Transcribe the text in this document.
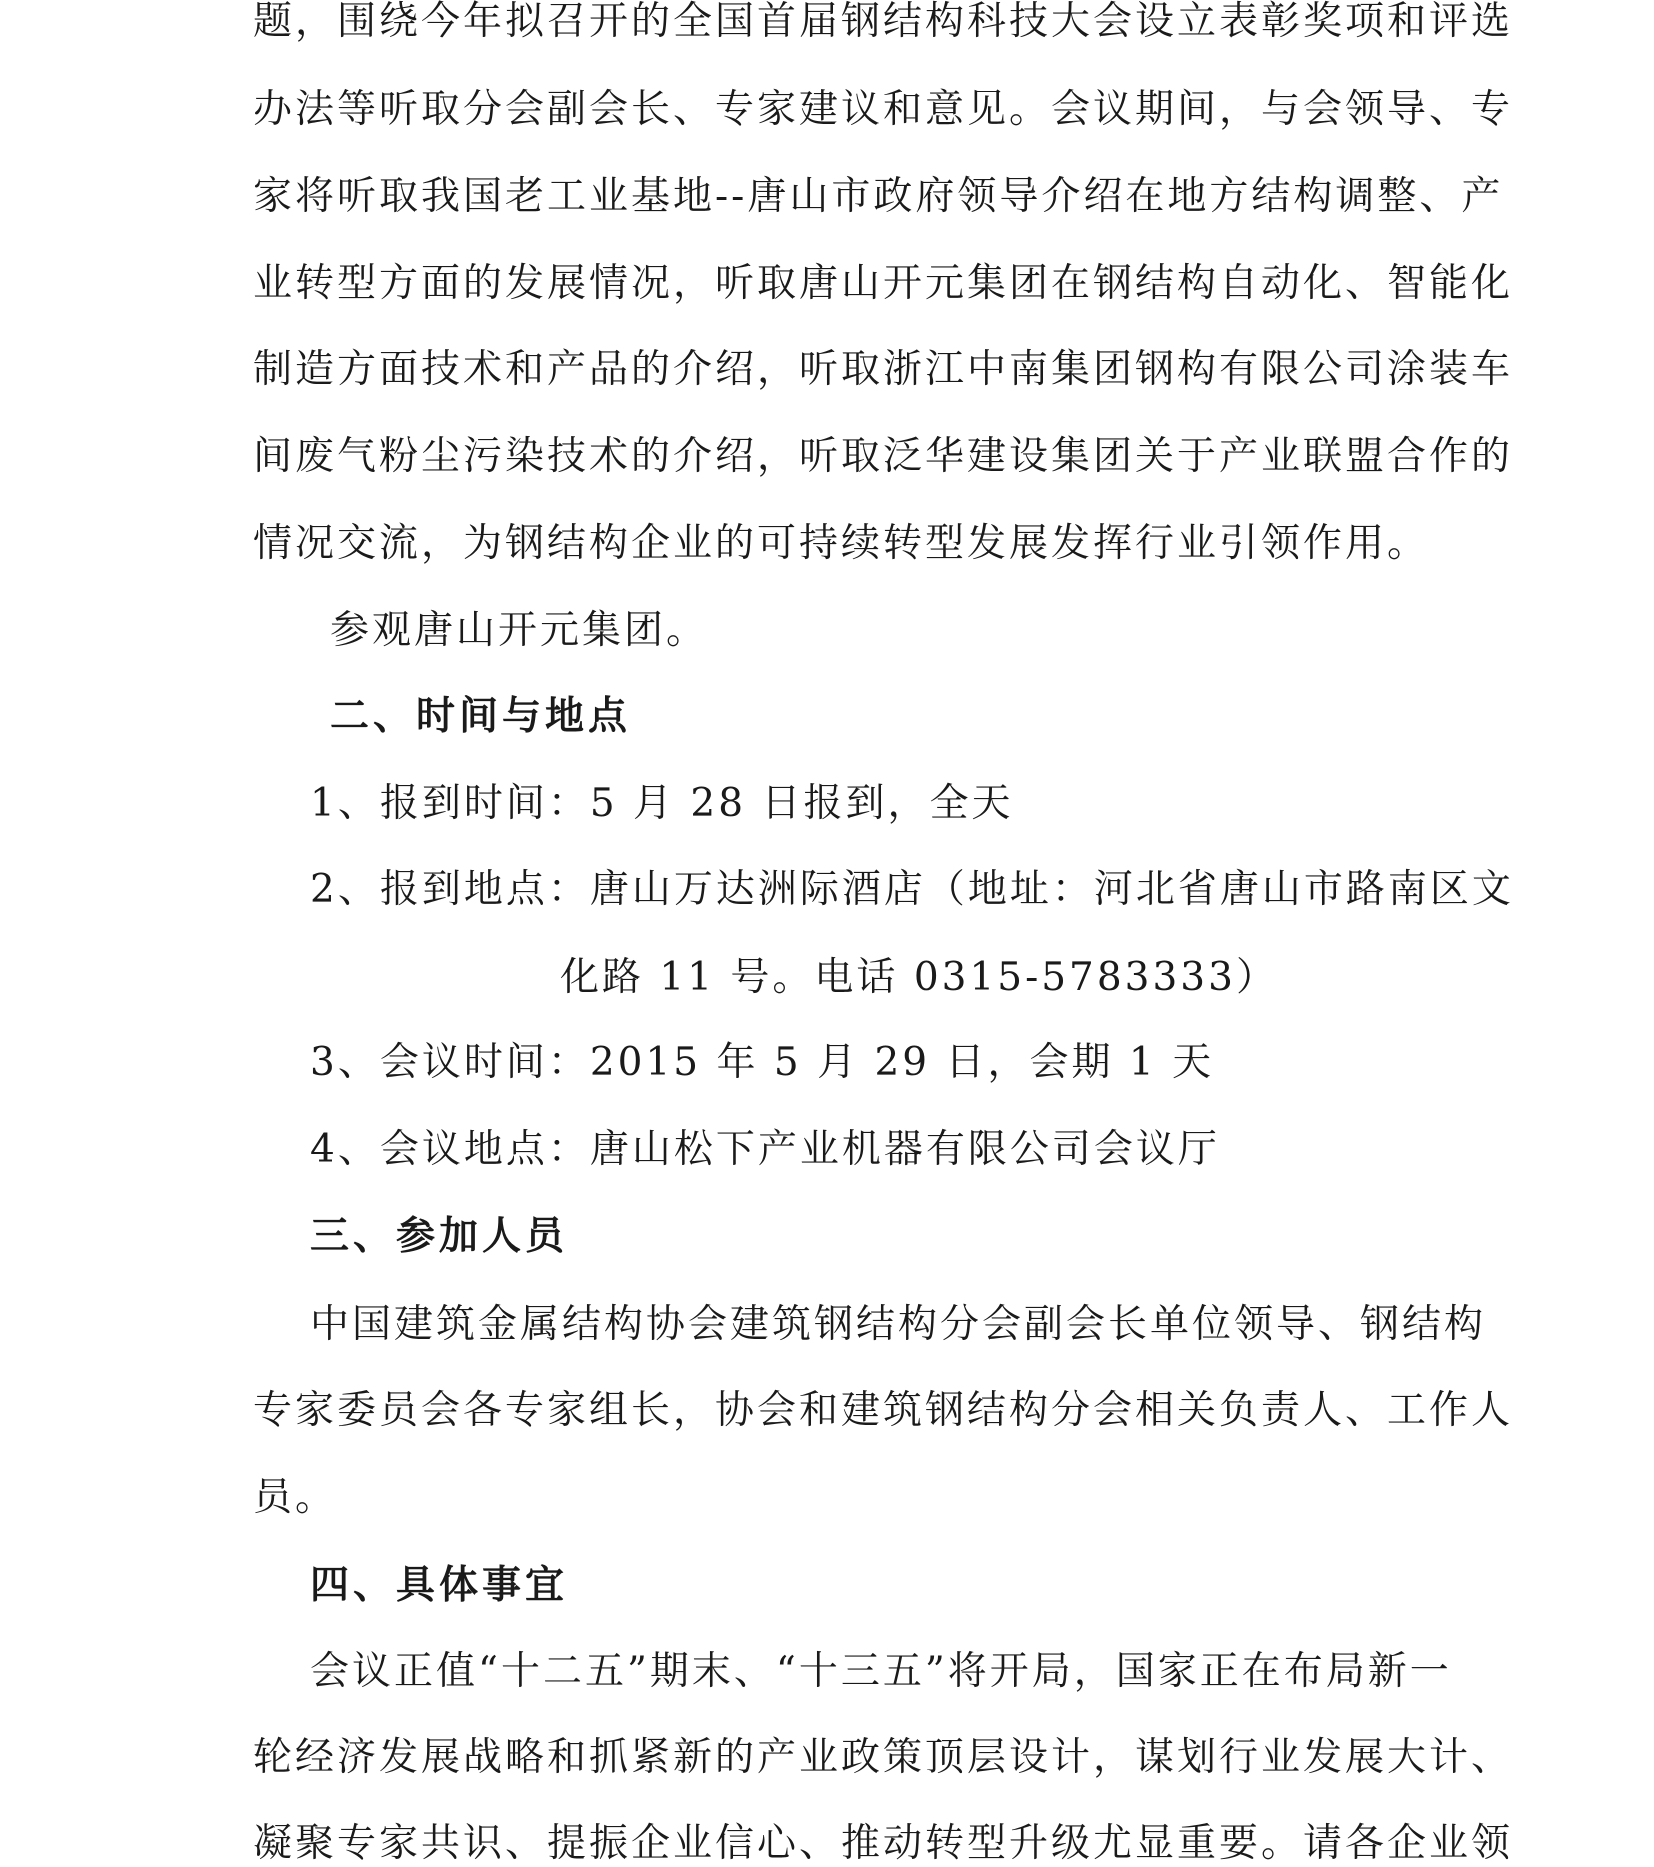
题，围绕今年拟召开的全国首届钢结构科技大会设立表彰奖项和评选
办法等听取分会副会长、专家建议和意见。会议期间，与会领导、专
家将听取我国老工业基地--唐山市政府领导介绍在地方结构调整、产
业转型方面的发展情况，听取唐山开元集团在钢结构自动化、智能化
制造方面技术和产品的介绍，听取浙江中南集团钢构有限公司涂装车
间废气粉尘污染技术的介绍，听取泛华建设集团关于产业联盟合作的
情况交流，为钢结构企业的可持续转型发展发挥行业引领作用。
参观唐山开元集团。
二、时间与地点
1、报到时间：5 月 28 日报到，全天
2、报到地点：唐山万达洲际酒店（地址：河北省唐山市路南区文
化路 11 号。电话 0315-5783333）
3、会议时间：2015 年 5 月 29 日，会期 1 天
4、会议地点：唐山松下产业机器有限公司会议厅
三、参加人员
中国建筑金属结构协会建筑钢结构分会副会长单位领导、钢结构
专家委员会各专家组长，协会和建筑钢结构分会相关负责人、工作人
员。
四、具体事宜
会议正值“十二五”期末、“十三五”将开局，国家正在布局新一
轮经济发展战略和抓紧新的产业政策顶层设计，谋划行业发展大计、
凝聚专家共识、提振企业信心、推动转型升级尤显重要。请各企业领
